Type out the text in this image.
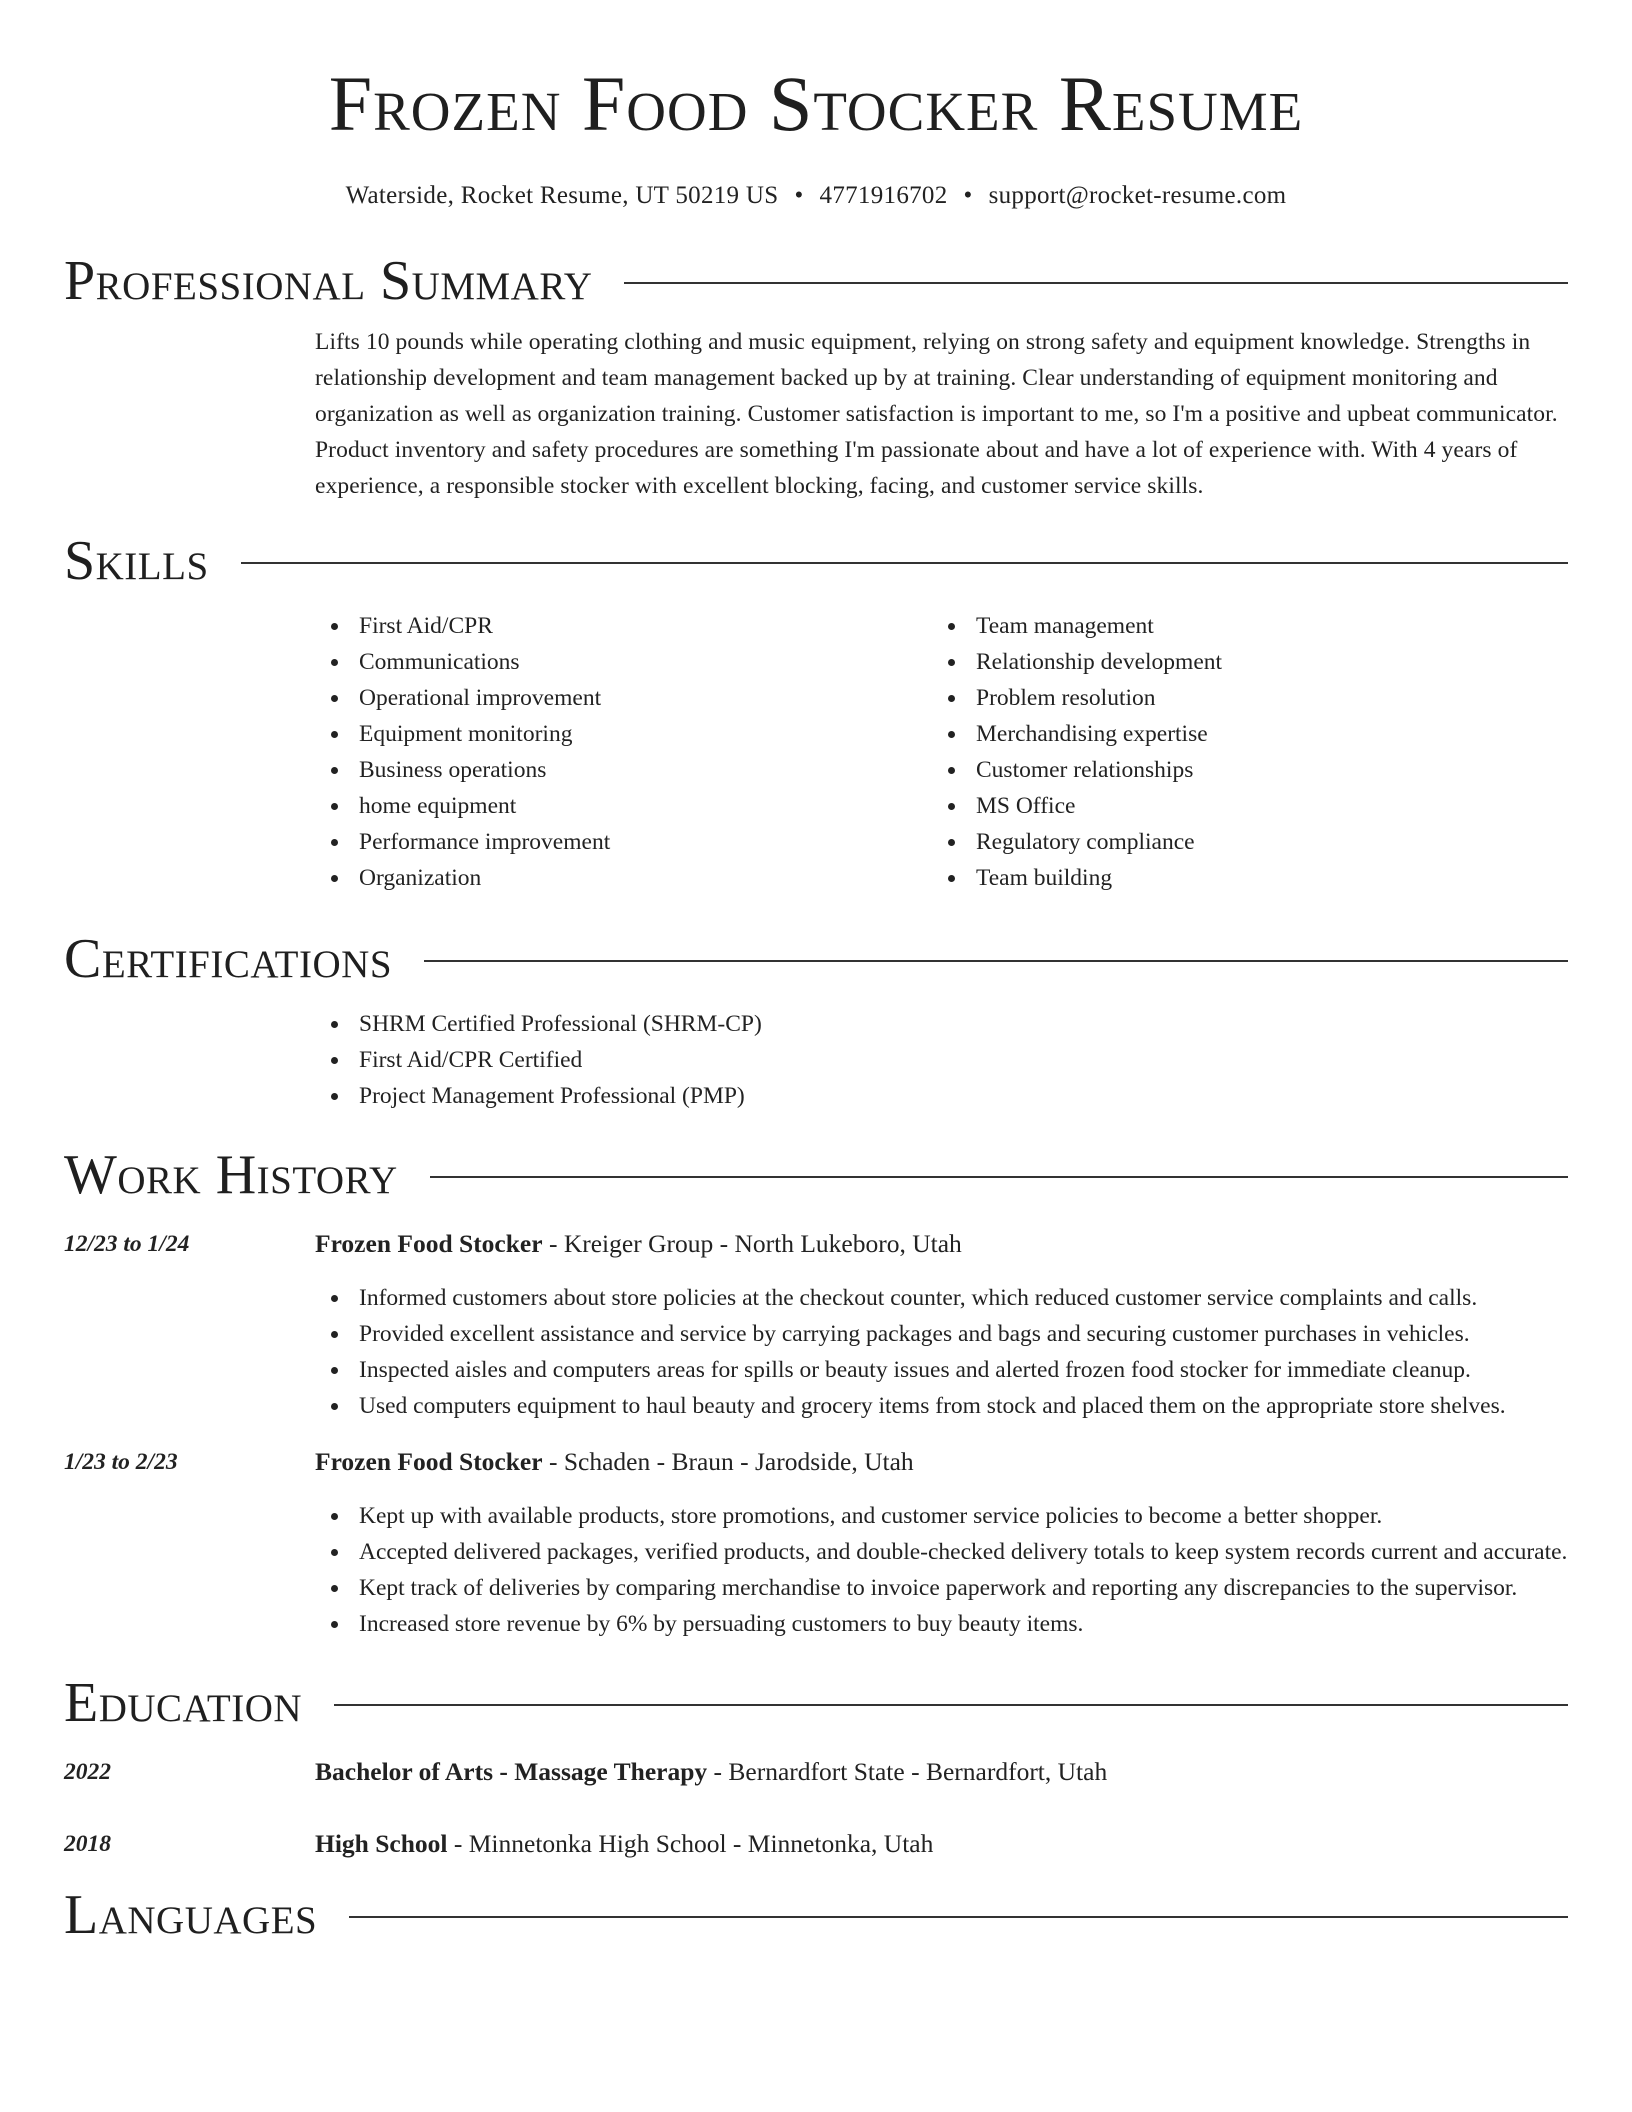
Frozen Food Stocker Resume
Waterside, Rocket Resume, UT 50219 US • 4771916702 • support@rocket-resume.com
Professional Summary

Lifts 10 pounds while operating clothing and music equipment, relying on strong safety and equipment knowledge. Strengths in relationship development and team management backed up by at training. Clear understanding of equipment monitoring and organization as well as organization training. Customer satisfaction is important to me, so I'm a positive and upbeat communicator. Product inventory and safety procedures are something I'm passionate about and have a lot of experience with. With 4 years of experience, a responsible stocker with excellent blocking, facing, and customer service skills.

Skills
First Aid/CPR
Communications
Operational improvement
Equipment monitoring
Business operations
home equipment
Performance improvement
Organization
Team management
Relationship development
Problem resolution
Merchandising expertise
Customer relationships
MS Office
Regulatory compliance
Team building
Certifications
SHRM Certified Professional (SHRM-CP)
First Aid/CPR Certified
Project Management Professional (PMP)
Work History
12/23 to 1/24	Frozen Food Stocker - Kreiger Group - North Lukeboro, Utah
Informed customers about store policies at the checkout counter, which reduced customer service complaints and calls.
Provided excellent assistance and service by carrying packages and bags and securing customer purchases in vehicles.
Inspected aisles and computers areas for spills or beauty issues and alerted frozen food stocker for immediate cleanup.
Used computers equipment to haul beauty and grocery items from stock and placed them on the appropriate store shelves.
1/23 to 2/23	Frozen Food Stocker - Schaden - Braun - Jarodside, Utah
Kept up with available products, store promotions, and customer service policies to become a better shopper.
Accepted delivered packages, verified products, and double-checked delivery totals to keep system records current and accurate.
Kept track of deliveries by comparing merchandise to invoice paperwork and reporting any discrepancies to the supervisor.
Increased store revenue by 6% by persuading customers to buy beauty items.
Education
2022	Bachelor of Arts - Massage Therapy - Bernardfort State - Bernardfort, Utah
2018	High School - Minnetonka High School - Minnetonka, Utah
Languages
